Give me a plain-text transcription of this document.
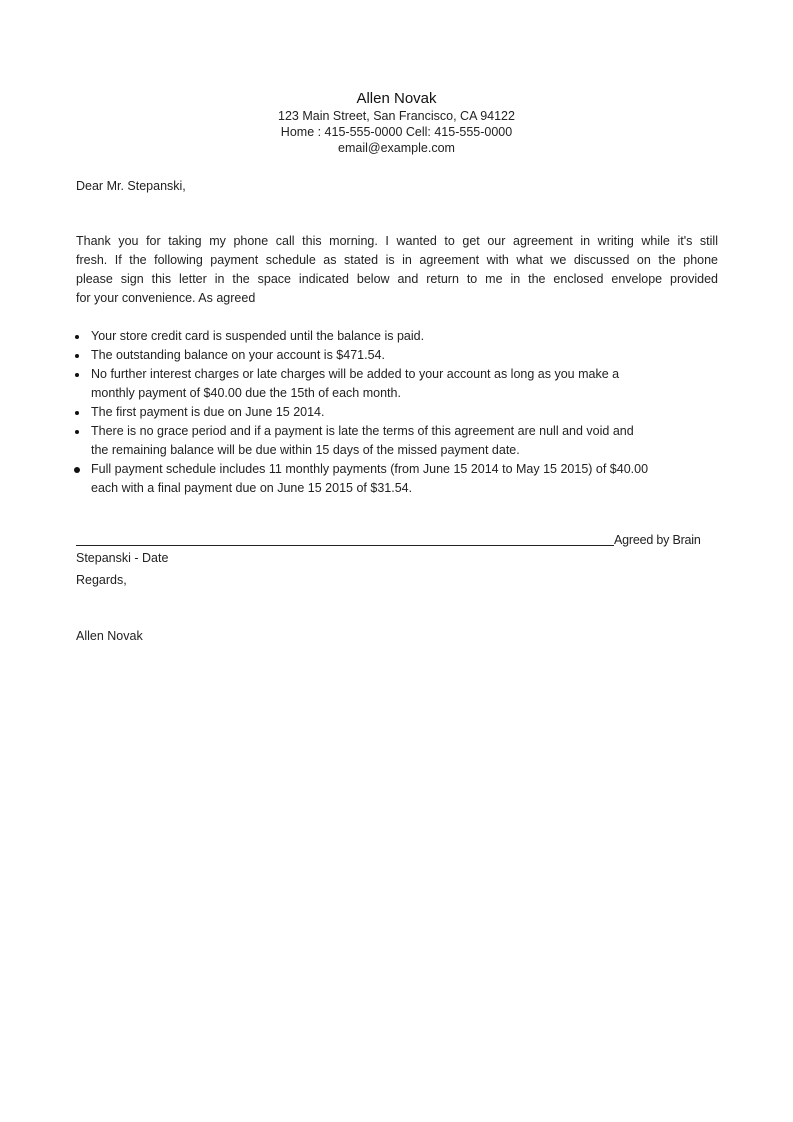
Allen Novak
123 Main Street, San Francisco, CA 94122
Home : 415-555-0000 Cell: 415-555-0000
email@example.com
Dear Mr. Stepanski,
Thank you for taking my phone call this morning. I wanted to get our agreement in writing while it's still
fresh. If the following payment schedule as stated is in agreement with what we discussed on the phone
please sign this letter in the space indicated below and return to me in the enclosed envelope provided
for your convenience. As agreed
Your store credit card is suspended until the balance is paid.
The outstanding balance on your account is $471.54.
No further interest charges or late charges will be added to your account as long as you make a
monthly payment of $40.00 due the 15th of each month.
The first payment is due on June 15 2014.
There is no grace period and if a payment is late the terms of this agreement are null and void and
the remaining balance will be due within 15 days of the missed payment date.
Full payment schedule includes 11 monthly payments (from June 15 2014 to May 15 2015) of $40.00
each with a final payment due on June 15 2015 of $31.54.
Agreed by Brain
Stepanski - Date
Regards,
Allen Novak
